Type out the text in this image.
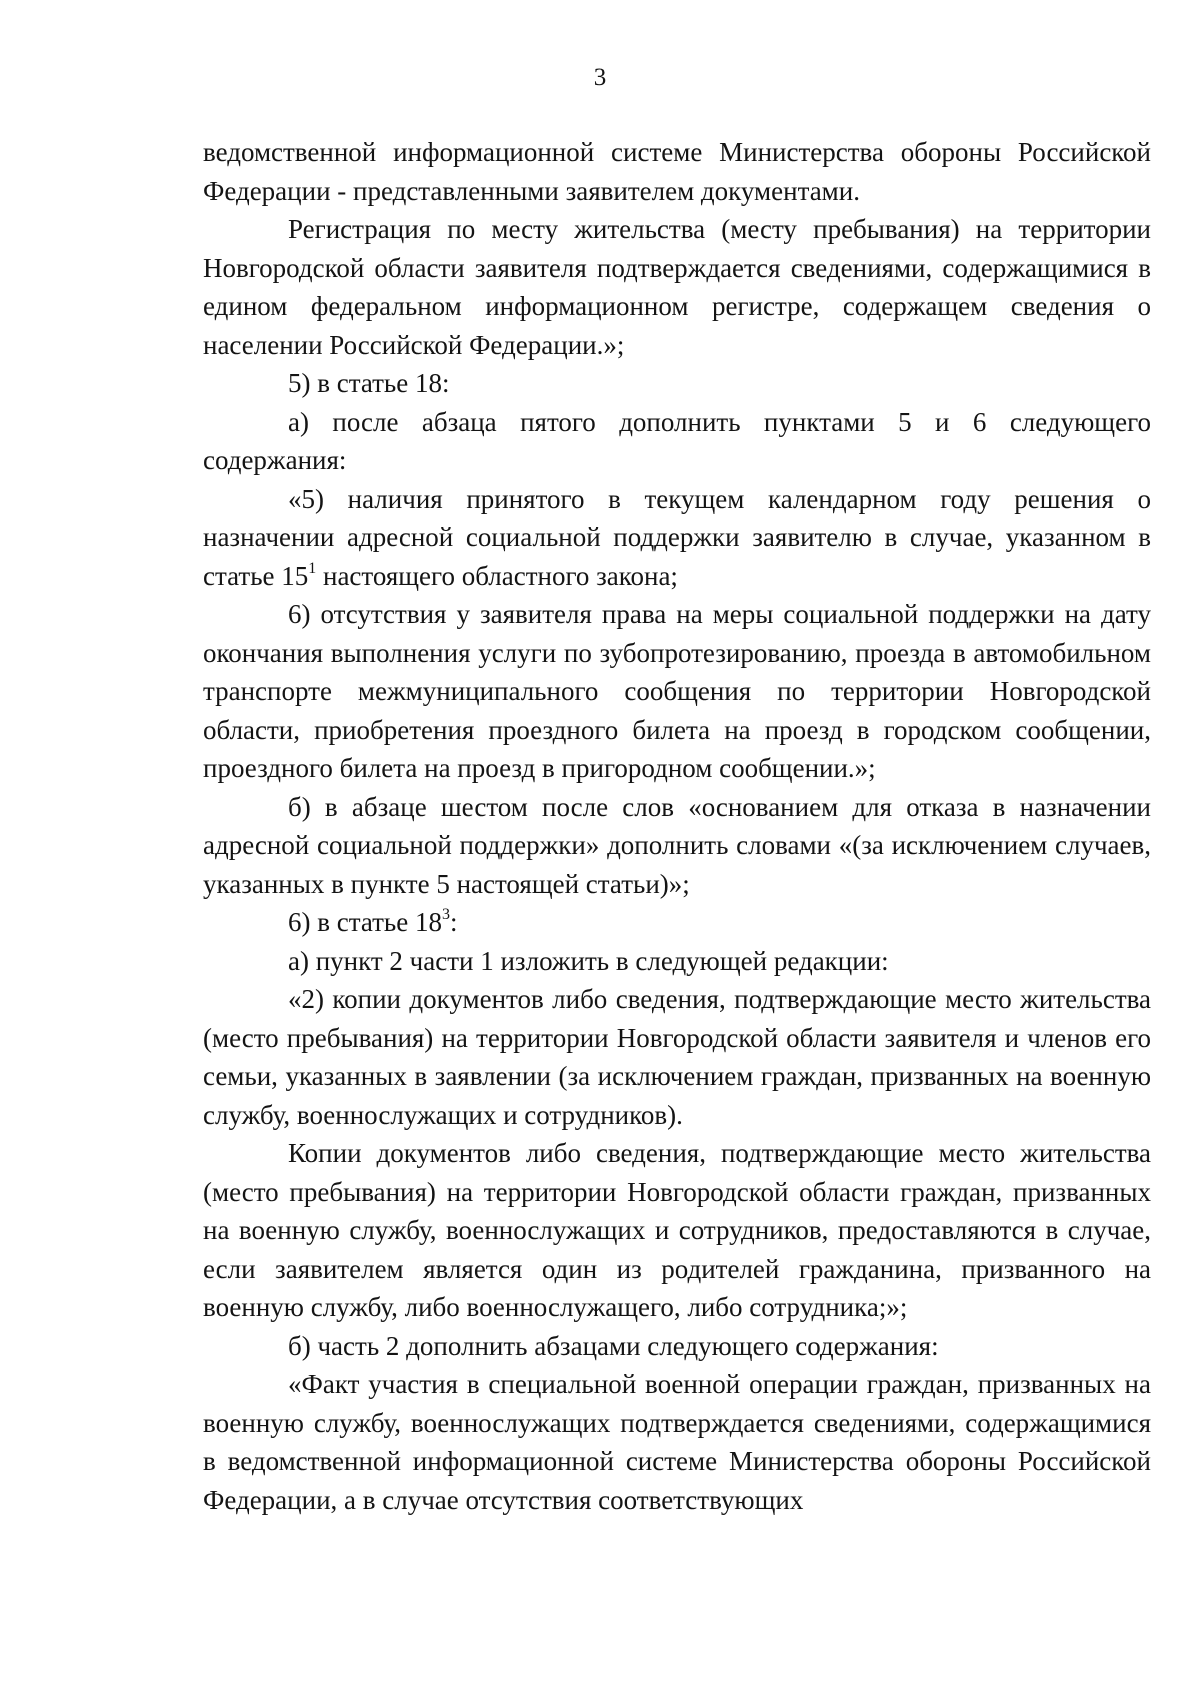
3

ведомственной информационной системе Министерства обороны Российской Федерации - представленными заявителем документами.

Регистрация по месту жительства (месту пребывания) на территории Новгородской области заявителя подтверждается сведениями, содержащимися в едином федеральном информационном регистре, содержащем сведения о населении Российской Федерации.»;

5) в статье 18:

а) после абзаца пятого дополнить пунктами 5 и 6 следующего содержания:

«5) наличия принятого в текущем календарном году решения о назначении адресной социальной поддержки заявителю в случае, указанном в статье $15^1$ настоящего областного закона;

6) отсутствия у заявителя права на меры социальной поддержки на дату окончания выполнения услуги по зубопротезированию, проезда в автомобильном транспорте межмуниципального сообщения по территории Новгородской области, приобретения проездного билета на проезд в городском сообщении, проездного билета на проезд в пригородном сообщении.»;

б) в абзаце шестом после слов «основанием для отказа в назначении адресной социальной поддержки» дополнить словами «(за исключением случаев, указанных в пункте 5 настоящей статьи)»;

6) в статье $18^3$:

а) пункт 2 части 1 изложить в следующей редакции:

«2) копии документов либо сведения, подтверждающие место жительства (место пребывания) на территории Новгородской области заявителя и членов его семьи, указанных в заявлении (за исключением граждан, призванных на военную службу, военнослужащих и сотрудников).

Копии документов либо сведения, подтверждающие место жительства (место пребывания) на территории Новгородской области граждан, призванных на военную службу, военнослужащих и сотрудников, предоставляются в случае, если заявителем является один из родителей гражданина, призванного на военную службу, либо военнослужащего, либо сотрудника;»;

б) часть 2 дополнить абзацами следующего содержания:

«Факт участия в специальной военной операции граждан, призванных на военную службу, военнослужащих подтверждается сведениями, содержащимися в ведомственной информационной системе Министерства обороны Российской Федерации, а в случае отсутствия соответствующих
